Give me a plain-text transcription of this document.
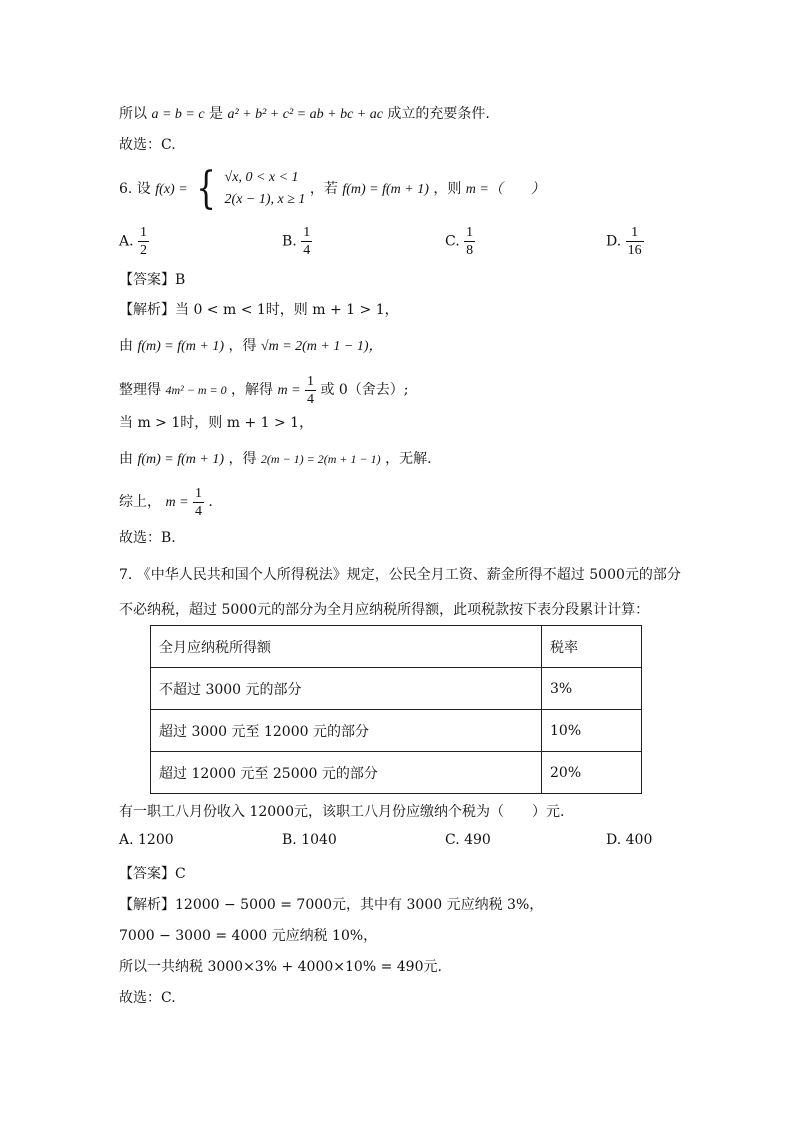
所以 a = b = c 是 a² + b² + c² = ab + bc + ac 成立的充要条件.
故选：C.
6. 设 f(x) = { √x, 0 < x < 1
2(x − 1), x ≥ 1
，若 f(m) = f(m + 1) ，则 m =（　　）
A. $\frac{1}{2}$	B. $\frac{1}{4}$	C. $\frac{1}{8}$	D. $\frac{1}{16}$
【答案】B
【解析】当 0 < m < 1时，则 m + 1 > 1，
由 f(m) = f(m + 1) ，得 √m = 2(m + 1 − 1)，
整理得 4m² − m = 0 ，解得 $m = \frac{1}{4}$ 或 0（舍去）;
当 m > 1时，则 m + 1 > 1，
由 f(m) = f(m + 1) ，得 2(m − 1) = 2(m + 1 − 1) ，无解.
综上， $m = \frac{1}{4}$ .
故选：B.
7. 《中华人民共和国个人所得税法》规定，公民全月工资、薪金所得不超过 5000元的部分
不必纳税，超过 5000元的部分为全月应纳税所得额，此项税款按下表分段累计计算：
全月应纳税所得额	税率
不超过 3000 元的部分	3%
超过 3000 元至 12000 元的部分	10%
超过 12000 元至 25000 元的部分	20%
有一职工八月份收入 12000元，该职工八月份应缴纳个税为（　　）元.
A. 1200	B. 1040	C. 490	D. 400
【答案】C
【解析】12000 − 5000 = 7000元，其中有 3000 元应纳税 3%，
7000 − 3000 = 4000 元应纳税 10%，
所以一共纳税 3000×3% + 4000×10% = 490元.
故选：C.
